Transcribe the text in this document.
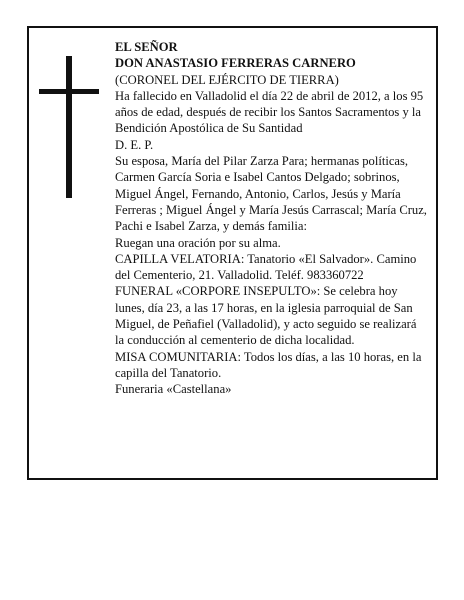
EL SEÑOR

DON ANASTASIO FERRERAS CARNERO

(CORONEL DEL EJÉRCITO DE TIERRA)

Ha fallecido en Valladolid el día 22 de abril de 2012, a los 95 años de edad, después de recibir los Santos Sacramentos y la Bendición Apostólica de Su Santidad

D. E. P.

Su esposa, María del Pilar Zarza Para; hermanas políticas, Carmen García Soria e Isabel Cantos Delgado; sobrinos, Miguel Ángel, Fernando, Antonio, Carlos, Jesús y María Ferreras ; Miguel Ángel y María Jesús Carrascal; María Cruz, Pachi e Isabel Zarza, y demás familia:

Ruegan una oración por su alma.

CAPILLA VELATORIA: Tanatorio «El Salvador». Camino del Cementerio, 21. Valladolid. Teléf. 983360722

FUNERAL «CORPORE INSEPULTO»: Se celebra hoy lunes, día 23, a las 17 horas, en la iglesia parroquial de San Miguel, de Peñafiel (Valladolid), y acto seguido se realizará la conducción al cementerio de dicha localidad.

MISA COMUNITARIA: Todos los días, a las 10 horas, en la capilla del Tanatorio.

Funeraria «Castellana»
